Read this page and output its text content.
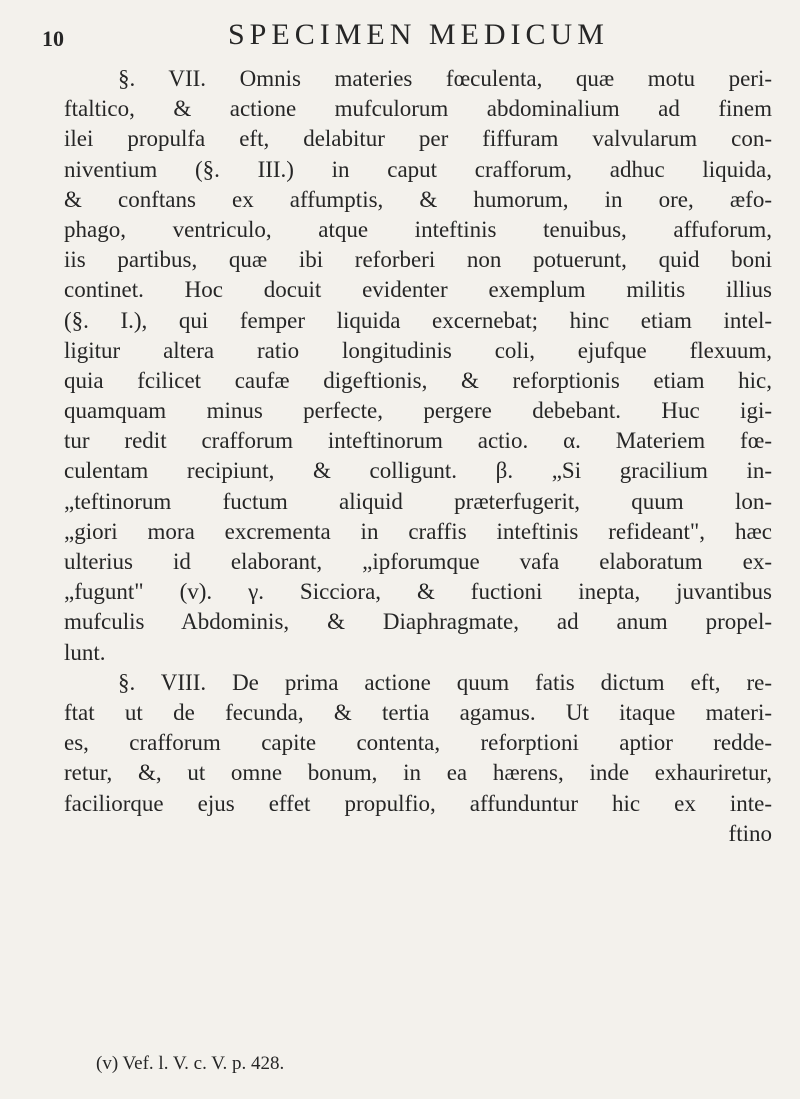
10	SPECIMEN MEDICUM
§. VII. Omnis materies fœculenta, quæ motu peri-
ftaltico, & actione mufculorum abdominalium ad finem
ilei propulfa eft, delabitur per fiffuram valvularum con-
niventium (§. III.) in caput crafforum, adhuc liquida,
& conftans ex affumptis, & humorum, in ore, æfo-
phago, ventriculo, atque inteftinis tenuibus, affuforum,
iis partibus, quæ ibi reforberi non potuerunt, quid boni
continet. Hoc docuit evidenter exemplum militis illius
(§. I.), qui femper liquida excernebat; hinc etiam intel-
ligitur altera ratio longitudinis coli, ejufque flexuum,
quia fcilicet caufæ digeftionis, & reforptionis etiam hic,
quamquam minus perfecte, pergere debebant. Huc igi-
tur redit crafforum inteftinorum actio. α. Materiem fœ-
culentam recipiunt, & colligunt. β. „Si gracilium in-
„teftinorum fuctum aliquid præterfugerit, quum lon-
„giori mora excrementa in craffis inteftinis refideant", hæc
ulterius id elaborant, „ipforumque vafa elaboratum ex-
„fugunt" (v). γ. Sicciora, & fuctioni inepta, juvantibus
mufculis Abdominis, & Diaphragmate, ad anum propel-
lunt.
§. VIII. De prima actione quum fatis dictum eft, re-
ftat ut de fecunda, & tertia agamus. Ut itaque materi-
es, crafforum capite contenta, reforptioni aptior redde-
retur, &, ut omne bonum, in ea hærens, inde exhauriretur,
faciliorque ejus effet propulfio, affunduntur hic ex inte-
ftino
(v) Vef. l. V. c. V. p. 428.
